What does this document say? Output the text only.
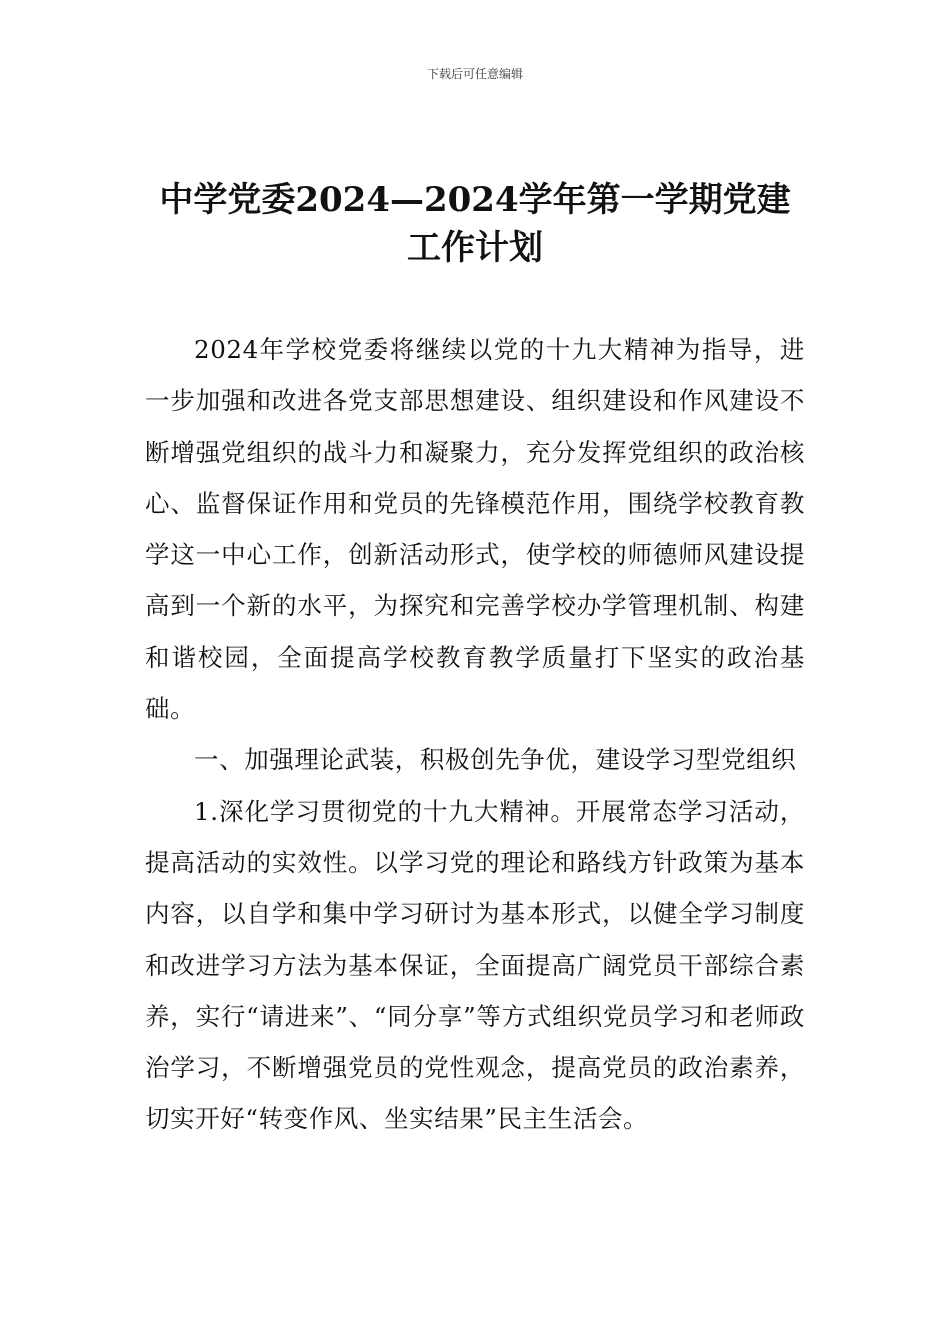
下载后可任意编辑
中学党委2024—2024学年第一学期党建工作计划

2024年学校党委将继续以党的十九大精神为指导，进一步加强和改进各党支部思想建设、组织建设和作风建设不断增强党组织的战斗力和凝聚力，充分发挥党组织的政治核心、监督保证作用和党员的先锋模范作用，围绕学校教育教学这一中心工作，创新活动形式，使学校的师德师风建设提高到一个新的水平，为探究和完善学校办学管理机制、构建和谐校园，全面提高学校教育教学质量打下坚实的政治基础。

一、加强理论武装，积极创先争优，建设学习型党组织

1.深化学习贯彻党的十九大精神。开展常态学习活动，提高活动的实效性。以学习党的理论和路线方针政策为基本内容，以自学和集中学习研讨为基本形式，以健全学习制度和改进学习方法为基本保证，全面提高广阔党员干部综合素养，实行“请进来”、“同分享”等方式组织党员学习和老师政治学习，不断增强党员的党性观念，提高党员的政治素养，切实开好“转变作风、坐实结果”民主生活会。
